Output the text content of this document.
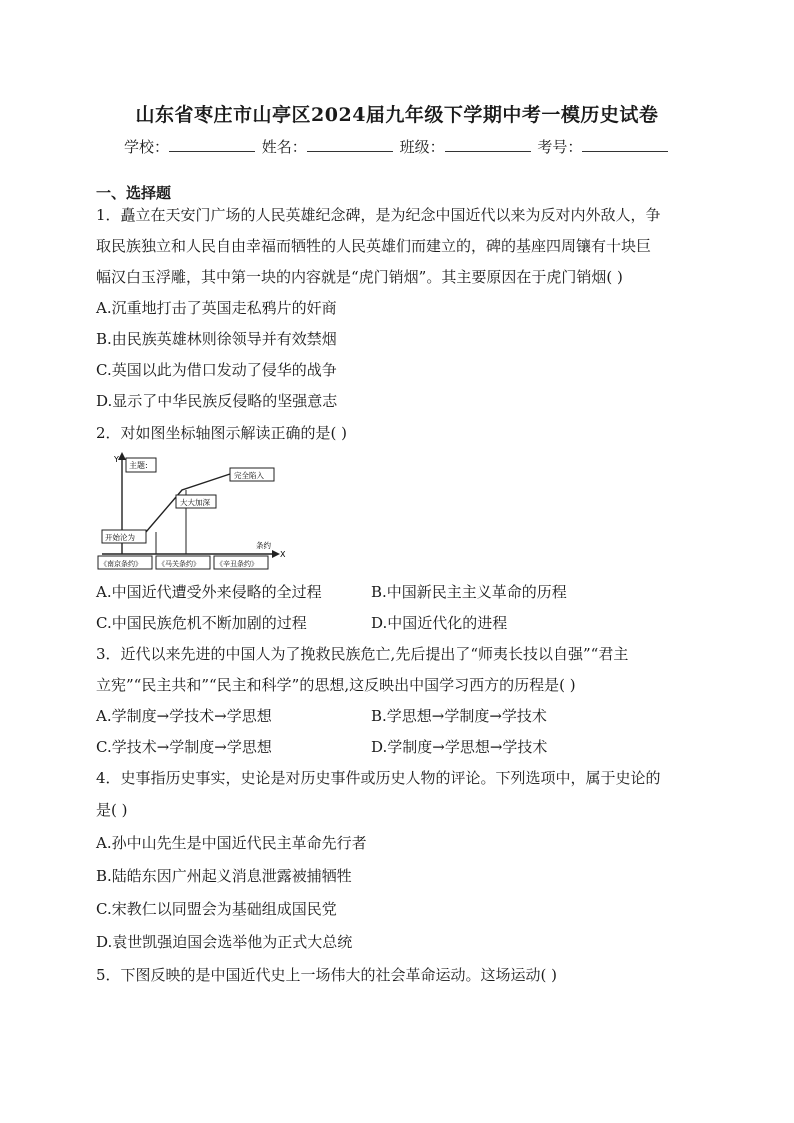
山东省枣庄市山亭区2024届九年级下学期中考一模历史试卷
学校：	姓名：	班级：	考号：
一、选择题
1．矗立在天安门广场的人民英雄纪念碑，是为纪念中国近代以来为反对内外敌人，争
取民族独立和人民自由幸福而牺牲的人民英雄们而建立的，碑的基座四周镶有十块巨
幅汉白玉浮雕，其中第一块的内容就是“虎门销烟”。其主要原因在于虎门销烟( )
A.沉重地打击了英国走私鸦片的奸商
B.由民族英雄林则徐领导并有效禁烟
C.英国以此为借口发动了侵华的战争
D.显示了中华民族反侵略的坚强意志
2．对如图坐标轴图示解读正确的是( )
Y
X
主题:
开始沦为
大大加深
完全陷入
条约
《南京条约》 《马关条约》 《辛丑条约》
A.中国近代遭受外来侵略的全过程	B.中国新民主主义革命的历程
C.中国民族危机不断加剧的过程	D.中国近代化的进程
3．近代以来先进的中国人为了挽救民族危亡,先后提出了“师夷长技以自强”“君主
立宪”“民主共和”“民主和科学”的思想,这反映出中国学习西方的历程是( )
A.学制度→学技术→学思想	B.学思想→学制度→学技术
C.学技术→学制度→学思想	D.学制度→学思想→学技术
4．史事指历史事实，史论是对历史事件或历史人物的评论。下列选项中，属于史论的
是( )
A.孙中山先生是中国近代民主革命先行者
B.陆皓东因广州起义消息泄露被捕牺牲
C.宋教仁以同盟会为基础组成国民党
D.袁世凯强迫国会选举他为正式大总统
5．下图反映的是中国近代史上一场伟大的社会革命运动。这场运动( )
